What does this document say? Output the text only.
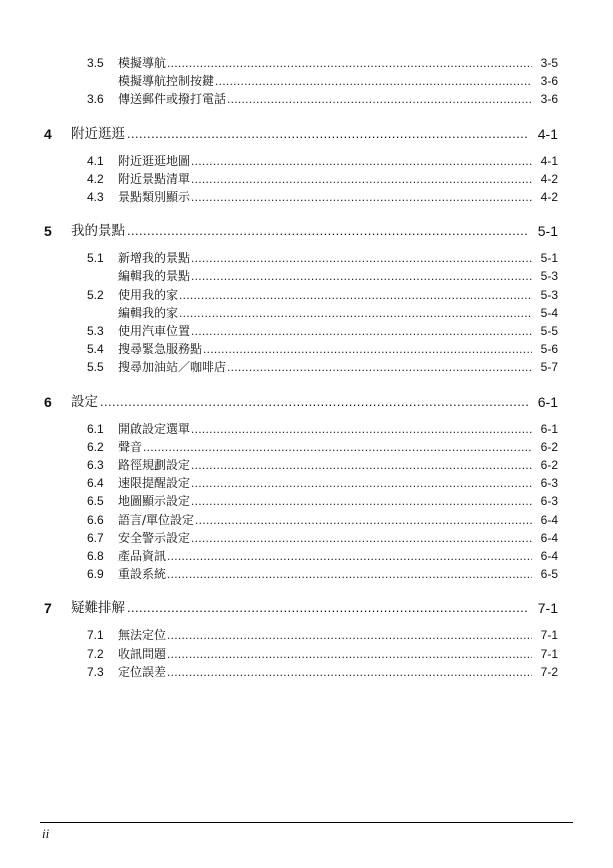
3.5	模擬導航 .....	3-5
模擬導航控制按鍵 .....	3-6
3.6	傳送郵件或撥打電話 .....	3-6
4 附近逛逛 .....	4-1
4.1	附近逛逛地圖 .....	4-1
4.2	附近景點清單 .....	4-2
4.3	景點類別顯示 .....	4-2
5 我的景點 .....	5-1
5.1	新增我的景點 .....	5-1
編輯我的景點 .....	5-3
5.2	使用我的家 .....	5-3
編輯我的家 .....	5-4
5.3	使用汽車位置 .....	5-5
5.4	搜尋緊急服務點 .....	5-6
5.5	搜尋加油站／咖啡店 .....	5-7
6 設定 .....	6-1
6.1	開啟設定選單 .....	6-1
6.2	聲音 .....	6-2
6.3	路徑規劃設定 .....	6-2
6.4	速限提醒設定 .....	6-3
6.5	地圖顯示設定 .....	6-3
6.6	語言/單位設定 .....	6-4
6.7	安全警示設定 .....	6-4
6.8	產品資訊 .....	6-4
6.9	重設系統 .....	6-5
7 疑難排解 .....	7-1
7.1	無法定位 .....	7-1
7.2	收訊問題 .....	7-1
7.3	定位誤差 .....	7-2
ii
